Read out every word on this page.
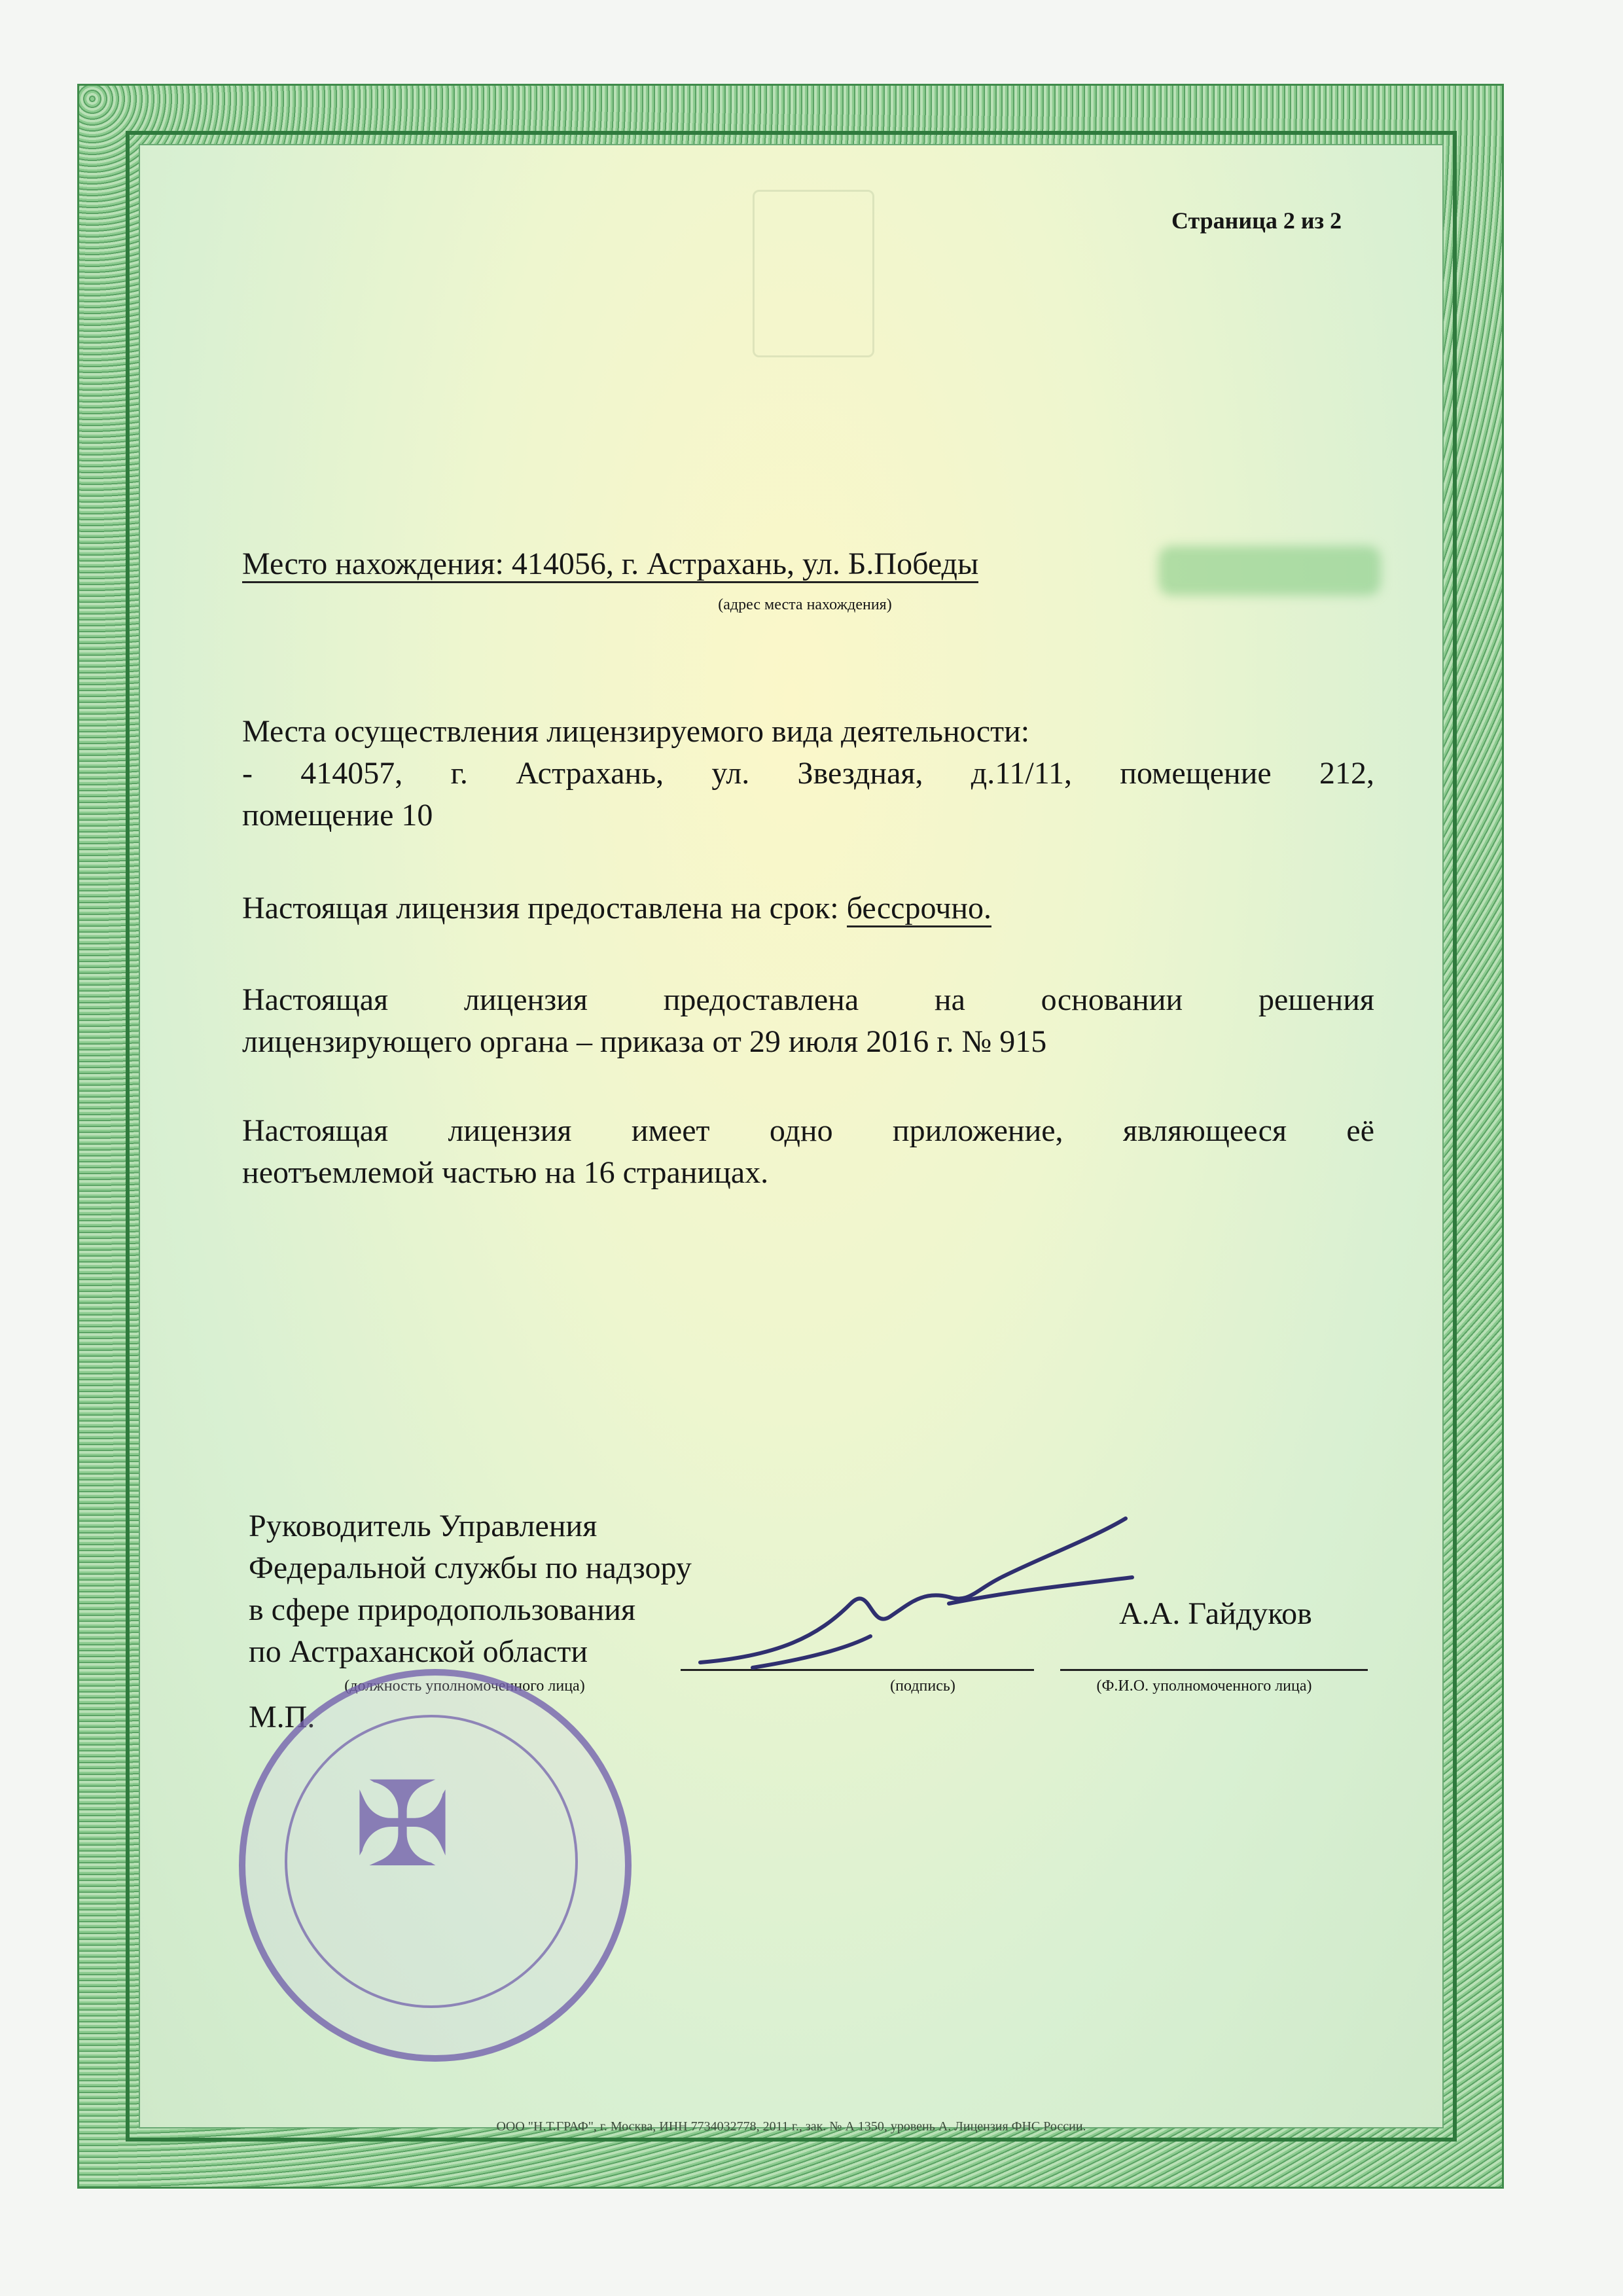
Страница 2 из 2
Место нахождения: 414056, г. Астрахань, ул. Б.Победы
(адрес места нахождения)
Места осуществления лицензируемого вида деятельности:
- 414057, г. Астрахань, ул. Звездная, д.11/11, помещение 212,
помещение 10
Настоящая лицензия предоставлена на срок: бессрочно.
Настоящая лицензия предоставлена на основании решения
лицензирующего органа – приказа от 29 июля 2016 г. № 915
Настоящая лицензия имеет одно приложение, являющееся её
неотъемлемой частью на 16 страницах.
Руководитель Управления
Федеральной службы по надзору
в сфере природопользования
по Астраханской области
А.А. Гайдуков
(должность уполномоченного лица)	(подпись)	(Ф.И.О. уполномоченного лица)
М.П.
✠
ООО "Н.Т.ГРАФ", г. Москва, ИНН 7734032778, 2011 г., зак. № А 1350, уровень А. Лицензия ФНС России.
